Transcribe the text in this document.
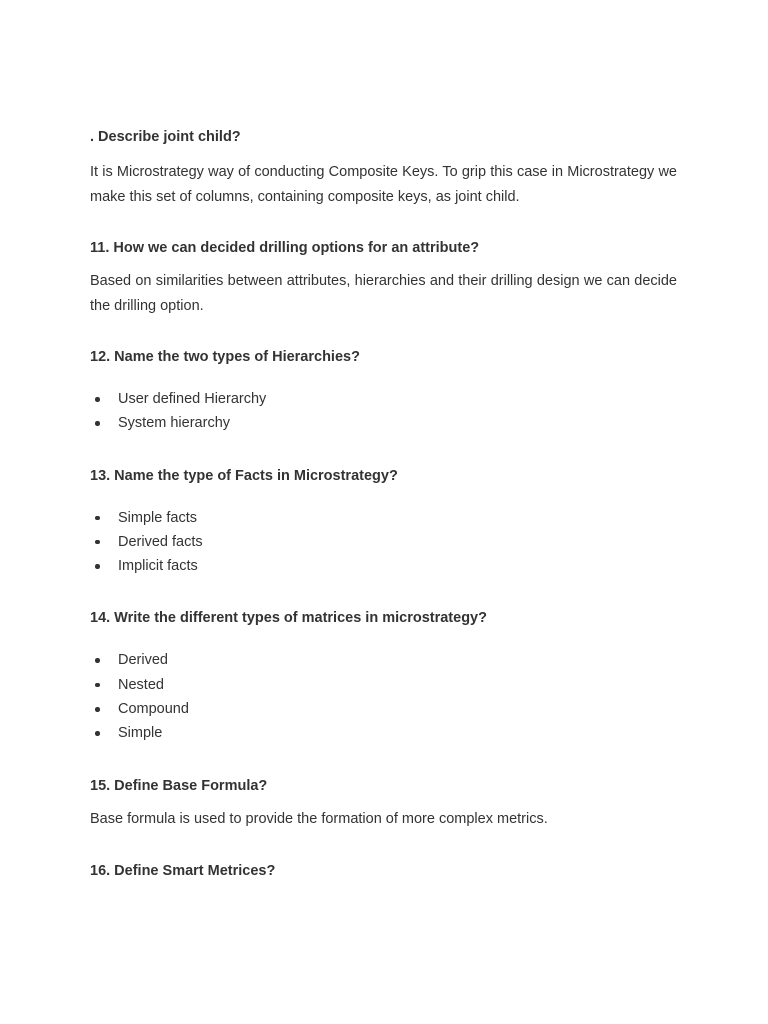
. Describe joint child?

It is Microstrategy way of conducting Composite Keys. To grip this case in Microstrategy we make this set of columns, containing composite keys, as joint child.

11. How we can decided drilling options for an attribute?

Based on similarities between attributes, hierarchies and their drilling design we can decide the drilling option.

12. Name the two types of Hierarchies?

User defined Hierarchy
System hierarchy

13. Name the type of Facts in Microstrategy?

Simple facts
Derived facts
Implicit facts

14. Write the different types of matrices in microstrategy?

Derived
Nested
Compound
Simple

15. Define Base Formula?

Base formula is used to provide the formation of more complex metrics.

16. Define Smart Metrices?
